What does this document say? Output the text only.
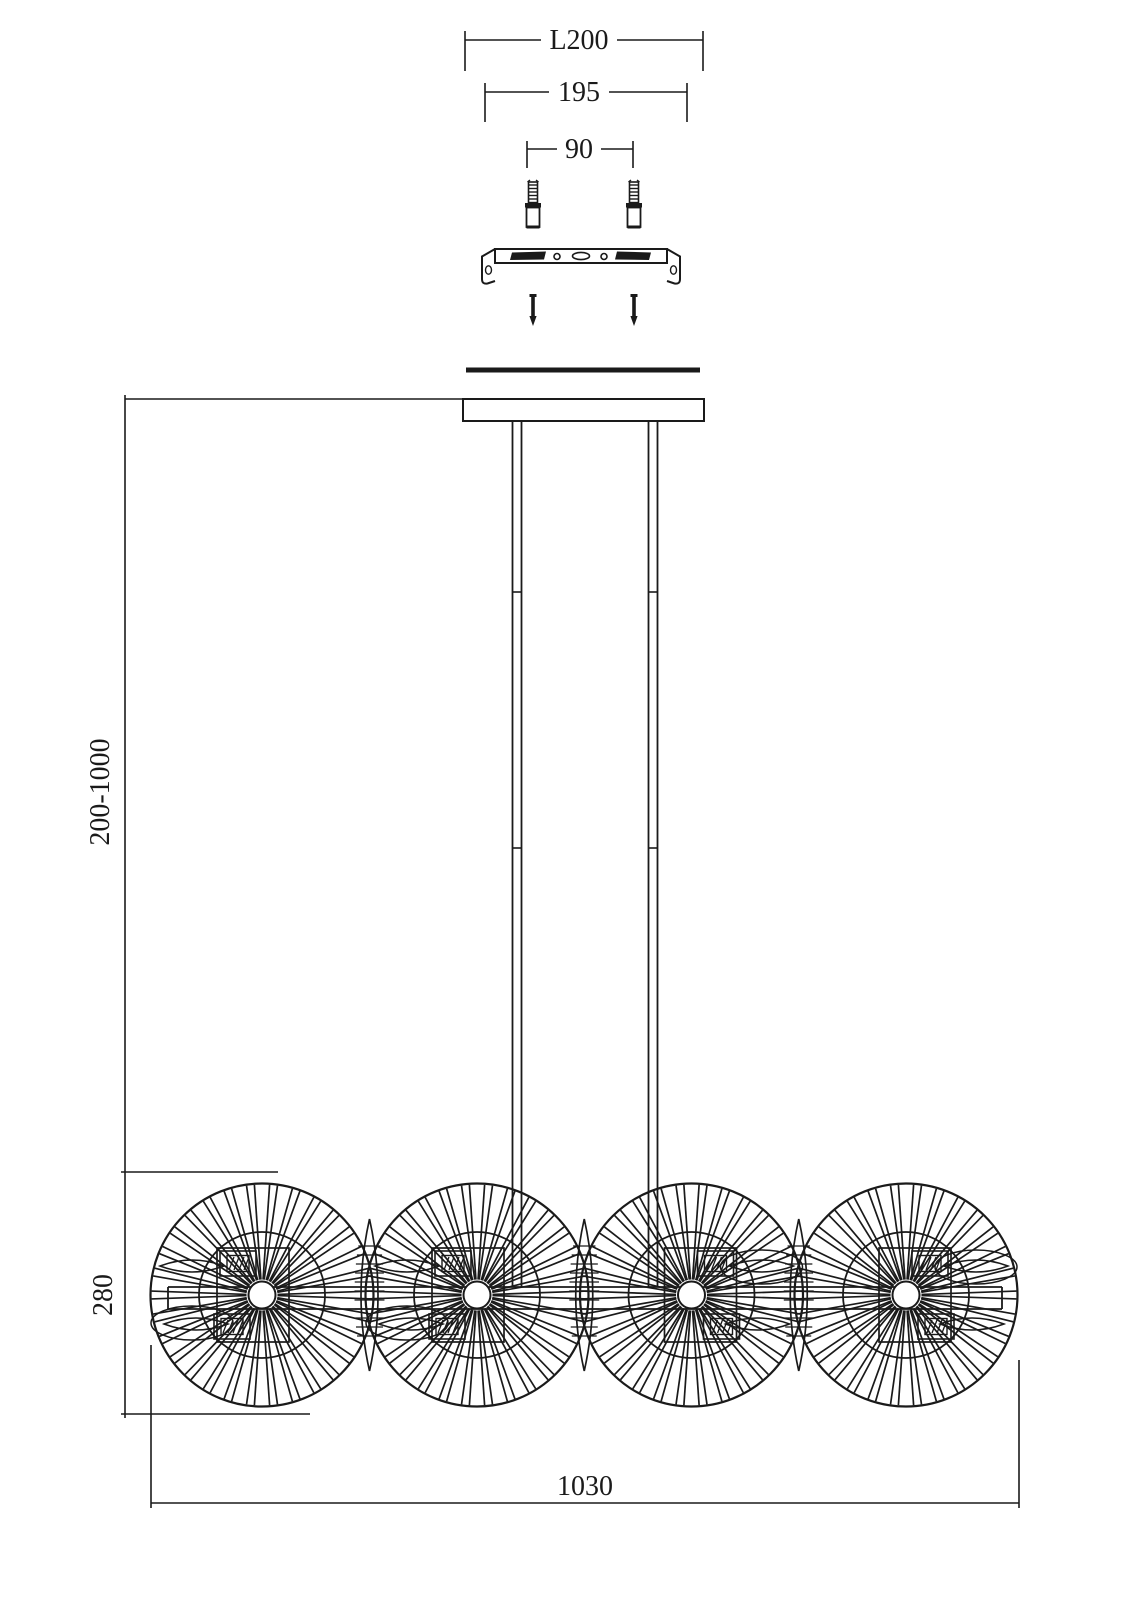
L200
195
90
200-1000
280
1030
